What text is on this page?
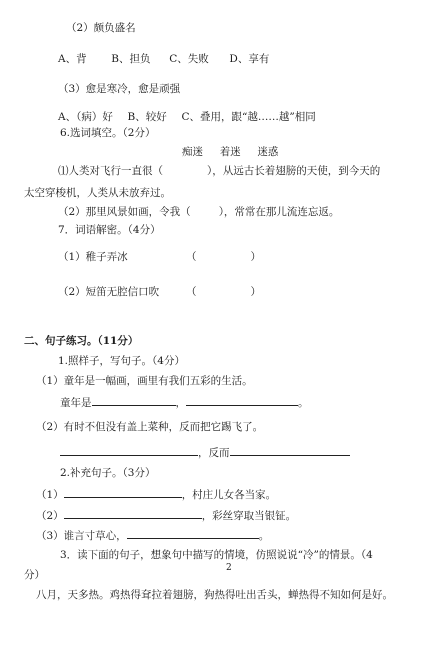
（2）颇负盛名
A、背 B、担负 C、失败 D、享有
（3）愈是寒冷，愈是顽强
A、（病）好 B、较好 C、叠用，跟“越……越”相同
6.选词填空。（2分）
痴迷 着迷 迷惑
⑴人类对飞行一直很（	），从远古长着翅膀的天使，到今天的
太空穿梭机，人类从未放弃过。
（2）那里风景如画，令我（	），常常在那儿流连忘返。
7．词语解密。（4分）
（1）稚子弄冰	（	）
（2）短笛无腔信口吹	（	）
二、句子练习。（11分）
1.照样子，写句子。（4分）
（1）童年是一幅画，画里有我们五彩的生活。
童年是	，	。
（2）有时不但没有盖上菜种，反而把它踢飞了。
，反而
2.补充句子。（3分）
（1）	，村庄儿女各当家。
（2）	，彩丝穿取当银钲。
（3）谁言寸草心，	。
3．读下面的句子，想象句中描写的情境，仿照说说“冷”的情景。（4
2
分）
八月，天多热。鸡热得耷拉着翅膀，狗热得吐出舌头，蝉热得不知如何是好。
